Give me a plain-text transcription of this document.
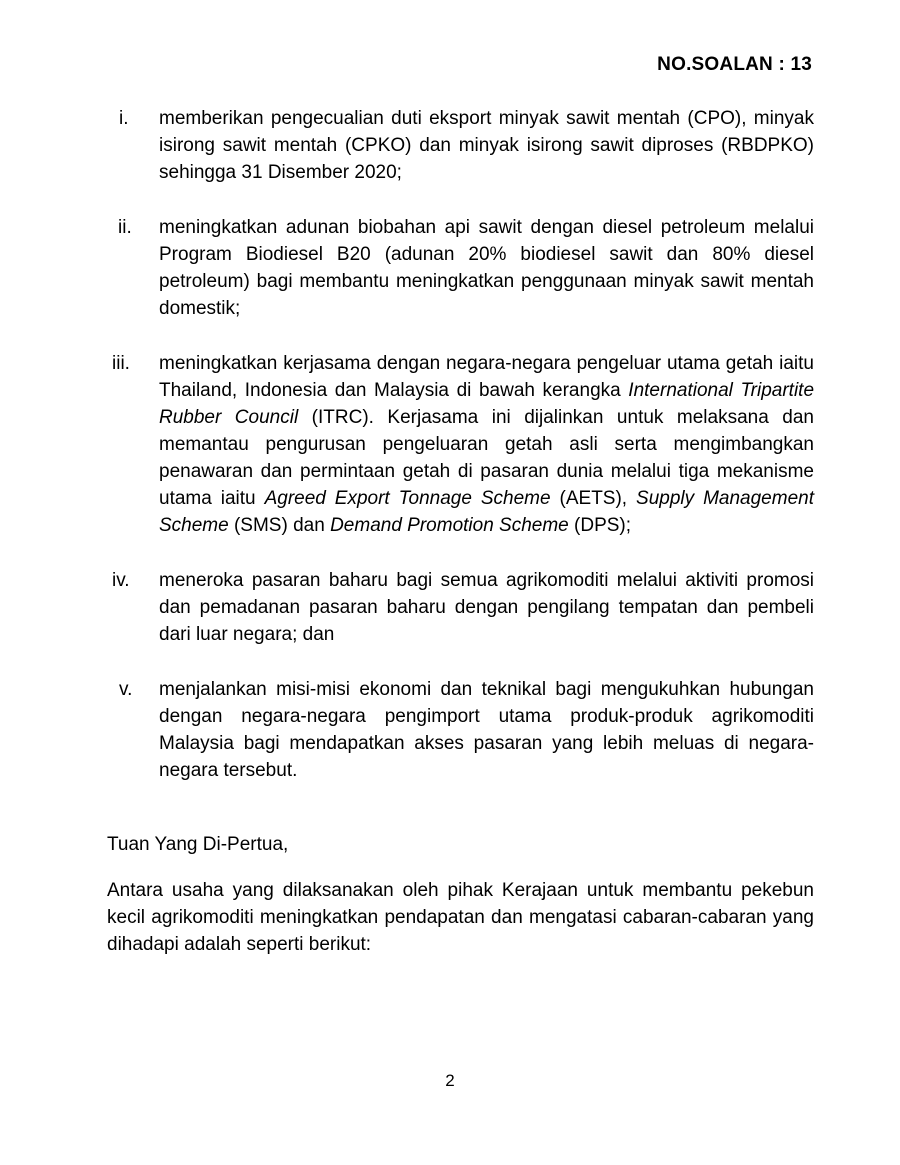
NO.SOALAN : 13
i.	memberikan pengecualian duti eksport minyak sawit mentah (CPO), minyak isirong sawit mentah (CPKO) dan minyak isirong sawit diproses (RBDPKO) sehingga 31 Disember 2020;
ii.	meningkatkan adunan biobahan api sawit dengan diesel petroleum melalui Program Biodiesel B20 (adunan 20% biodiesel sawit dan 80% diesel petroleum) bagi membantu meningkatkan penggunaan minyak sawit mentah domestik;
iii.	meningkatkan kerjasama dengan negara-negara pengeluar utama getah iaitu Thailand, Indonesia dan Malaysia di bawah kerangka International Tripartite Rubber Council (ITRC). Kerjasama ini dijalinkan untuk melaksana dan memantau pengurusan pengeluaran getah asli serta mengimbangkan penawaran dan permintaan getah di pasaran dunia melalui tiga mekanisme utama iaitu Agreed Export Tonnage Scheme (AETS), Supply Management Scheme (SMS) dan Demand Promotion Scheme (DPS);
iv.	meneroka pasaran baharu bagi semua agrikomoditi melalui aktiviti promosi dan pemadanan pasaran baharu dengan pengilang tempatan dan pembeli dari luar negara; dan
v.	menjalankan misi-misi ekonomi dan teknikal bagi mengukuhkan hubungan dengan negara-negara pengimport utama produk-produk agrikomoditi Malaysia bagi mendapatkan akses pasaran yang lebih meluas di negara-negara tersebut.
Tuan Yang Di-Pertua,
Antara usaha yang dilaksanakan oleh pihak Kerajaan untuk membantu pekebun kecil agrikomoditi meningkatkan pendapatan dan mengatasi cabaran-cabaran yang dihadapi adalah seperti berikut:
2
